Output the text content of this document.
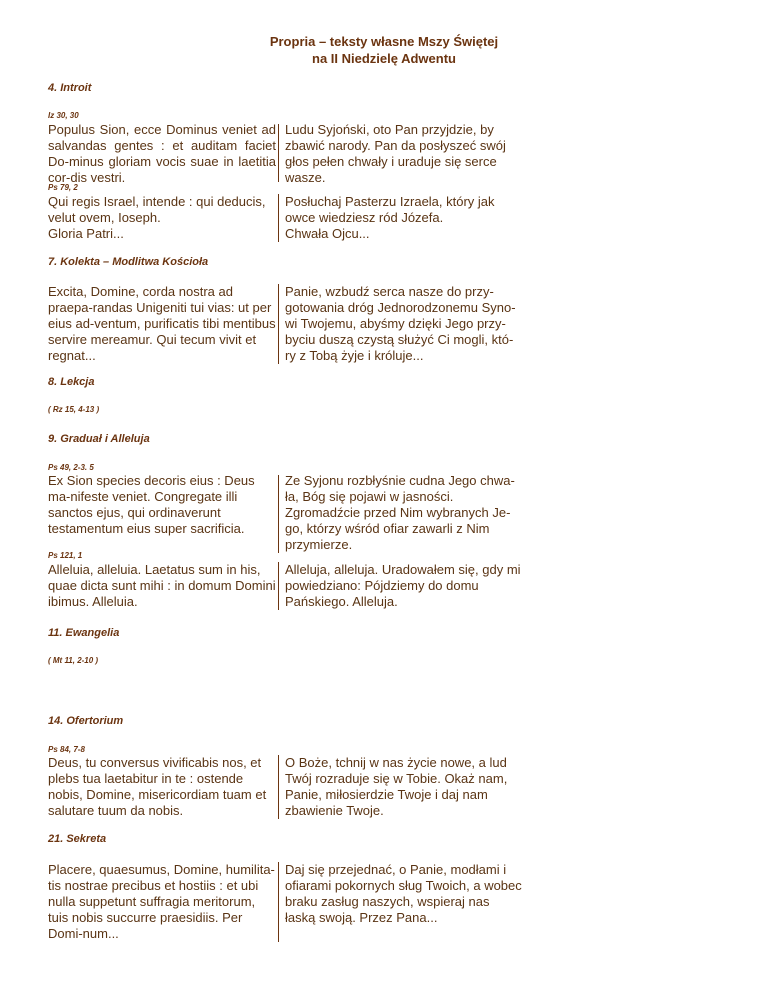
Propria – teksty własne Mszy Świętej
na II Niedzielę Adwentu
4. Introit
Iz 30, 30
Populus Sion, ecce Dominus veniet ad salvandas gentes : et auditam faciet Do-minus gloriam vocis suae in laetitia cor-dis vestri.
Ludu Syjoński, oto Pan przyjdzie, by zbawić narody. Pan da posłyszeć swój głos pełen chwały i uraduje się serce wasze.
Ps 79, 2
Qui regis Israel, intende : qui deducis, velut ovem, Ioseph.
Gloria Patri...
Posłuchaj Pasterzu Izraela, który jak owce wiedziesz ród Józefa.
Chwała Ojcu...
7. Kolekta – Modlitwa Kościoła
Excita, Domine, corda nostra ad praepa-randas Unigeniti tui vias: ut per eius ad-ventum, purificatis tibi mentibus servire mereamur. Qui tecum vivit et regnat...
Panie, wzbudź serca nasze do przy-gotowania dróg Jednorodzonemu Syno-wi Twojemu, abyśmy dzięki Jego przy-byciu duszą czystą służyć Ci mogli, któ-ry z Tobą żyje i króluje...
8. Lekcja
( Rz 15, 4-13 )
9. Graduał i Alleluja
Ps 49, 2-3. 5
Ex Sion species decoris eius : Deus ma-nifeste veniet. Congregate illi sanctos ejus, qui ordinaverunt testamentum eius super sacrificia.
Ze Syjonu rozbłyśnie cudna Jego chwa-ła, Bóg się pojawi w jasności. Zgromadźcie przed Nim wybranych Je-go, którzy wśród ofiar zawarli z Nim przymierze.
Ps 121, 1
Alleluia, alleluia. Laetatus sum in his, quae dicta sunt mihi : in domum Domini ibimus. Alleluia.
Alleluja, alleluja. Uradowałem się, gdy mi powiedziano: Pójdziemy do domu Pańskiego. Alleluja.
11. Ewangelia
( Mt 11, 2-10 )
14. Ofertorium
Ps 84, 7-8
Deus, tu conversus vivificabis nos, et plebs tua laetabitur in te : ostende nobis, Domine, misericordiam tuam et salutare tuum da nobis.
O Boże, tchnij w nas życie nowe, a lud Twój rozraduje się w Tobie. Okaż nam, Panie, miłosierdzie Twoje i daj nam zbawienie Twoje.
21. Sekreta
Placere, quaesumus, Domine, humilita-tis nostrae precibus et hostiis : et ubi nulla suppetunt suffragia meritorum, tuis nobis succurre praesidiis. Per Domi-num...
Daj się przejednać, o Panie, modłami i ofiarami pokornych sług Twoich, a wobec braku zasług naszych, wspieraj nas łaską swoją. Przez Pana...
